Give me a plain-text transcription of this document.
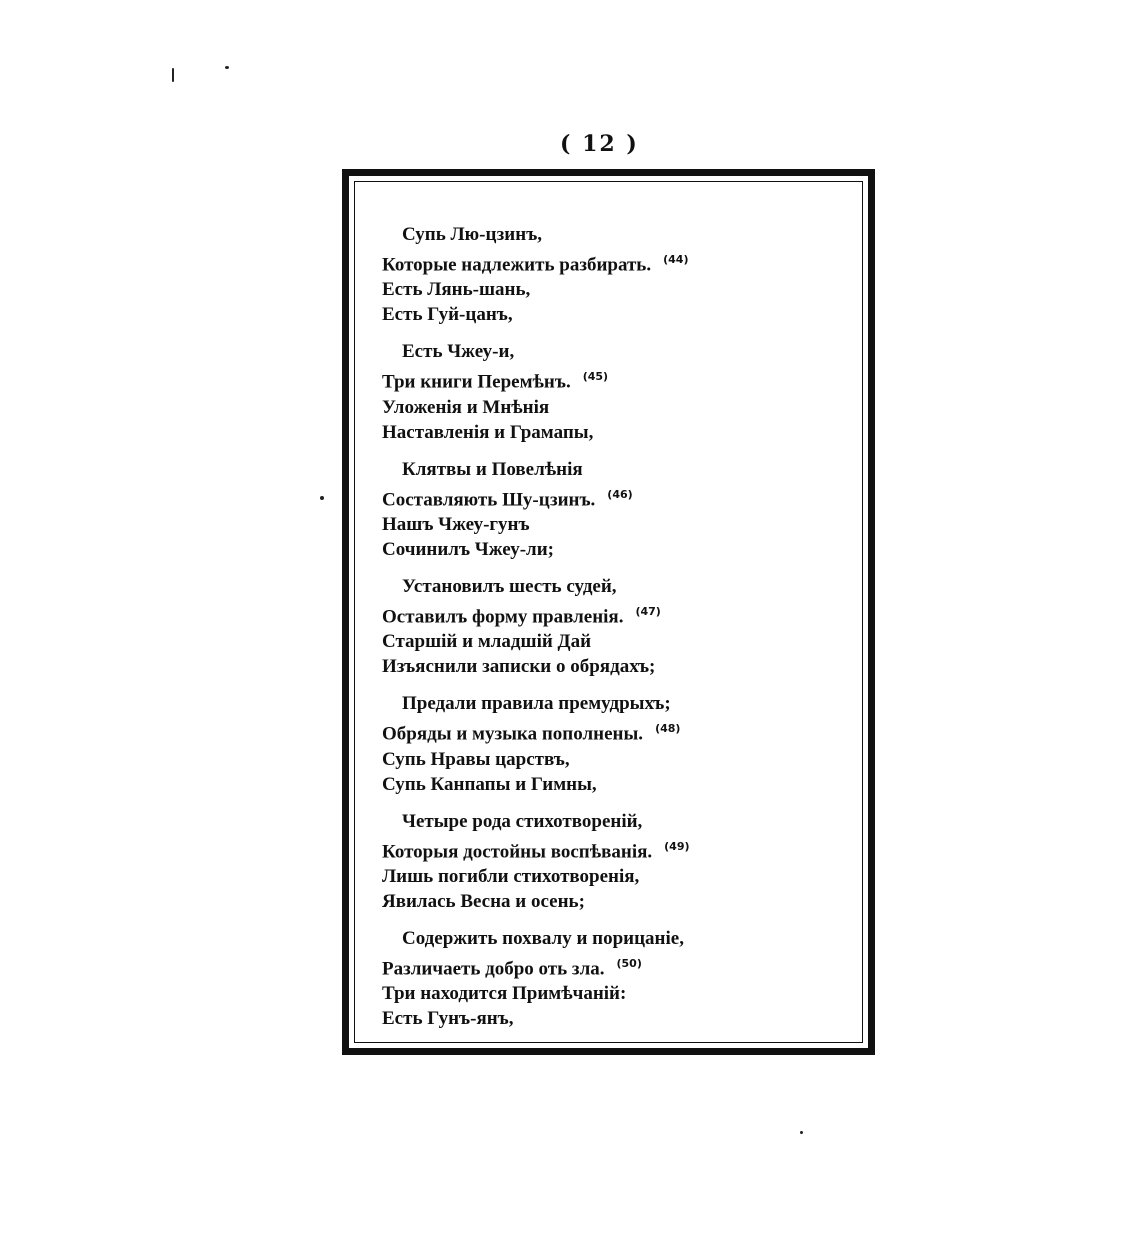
( 12 )
Супь Лю-цзинъ,
Которые надлежить разбирать. $^{(44)}$
Есть Лянь-шань,
Есть Гуй-цанъ,
Есть Чжеу-и,
Три книги Перемѣнъ. $^{(45)}$
Уложенія и Мнѣнія
Наставленія и Грамапы,
Клятвы и Повелѣнія
Составляють Шу-цзинъ. $^{(46)}$
Нашъ Чжеу-гунъ
Сочинилъ Чжеу-ли;
Установилъ шесть судей,
Оставилъ форму правленія. $^{(47)}$
Старшій и младшій Дай
Изъяснили записки о обрядахъ;
Предали правила премудрыхъ;
Обряды и музыка пополнены. $^{(48)}$
Супь Нравы царствъ,
Супь Канпапы и Гимны,
Четыре рода стихотвореній,
Которыя достойны воспѣванія. $^{(49)}$
Лишь погибли стихотворенія,
Явилась Весна и осень;
Содержить похвалу и порицаніе,
Различаеть добро оть зла. $^{(50)}$
Три находится Примѣчаній:
Есть Гунъ-янъ,
